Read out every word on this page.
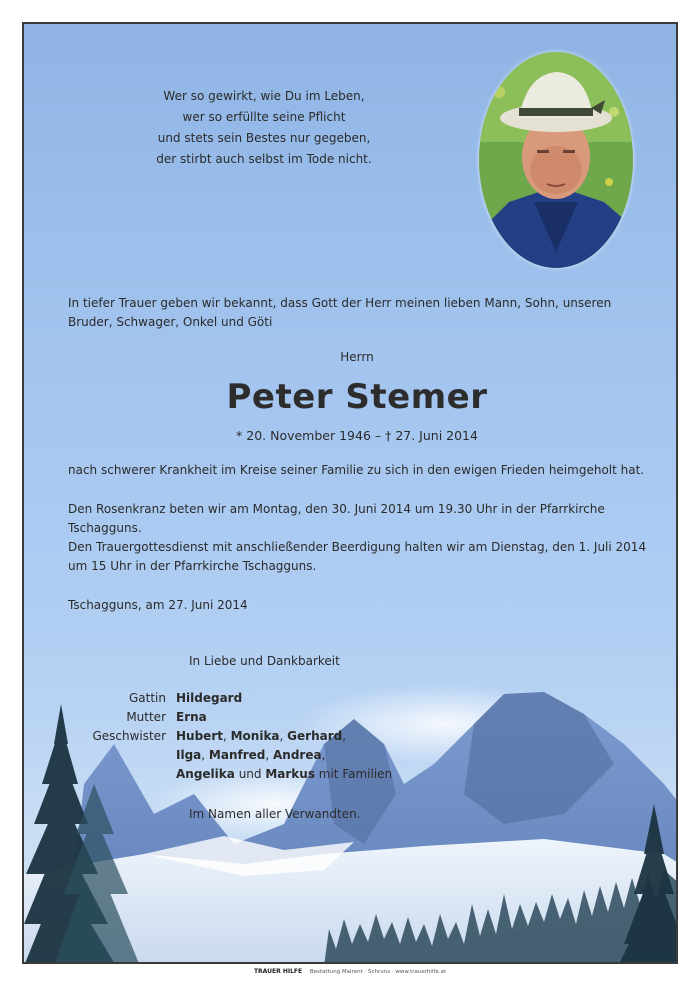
Wer so gewirkt, wie Du im Leben,
wer so erfüllte seine Pflicht
und stets sein Bestes nur gegeben,
der stirbt auch selbst im Tode nicht.
In tiefer Trauer geben wir bekannt, dass Gott der Herr meinen lieben Mann, Sohn, unseren Bruder, Schwager, Onkel und Göti
Herrn
Peter Stemer
* 20. November 1946 – † 27. Juni 2014
nach schwerer Krankheit im Kreise seiner Familie zu sich in den ewigen Frieden heimgeholt hat.
Den Rosenkranz beten wir am Montag, den 30. Juni 2014 um 19.30 Uhr in der Pfarrkirche Tschagguns.
Den Trauergottesdienst mit anschließender Beerdigung halten wir am Dienstag, den 1. Juli 2014
um 15 Uhr in der Pfarrkirche Tschagguns.
Tschagguns, am 27. Juni 2014
In Liebe und Dankbarkeit
Gattin Hildegard
Mutter Erna
Geschwister Hubert, Monika, Gerhard,
Ilga, Manfred, Andrea,
Angelika und Markus mit Familien
Im Namen aller Verwandten.
TRAUER HILFE Bestattung Mairent · Schruns · www.trauerhilfe.at
